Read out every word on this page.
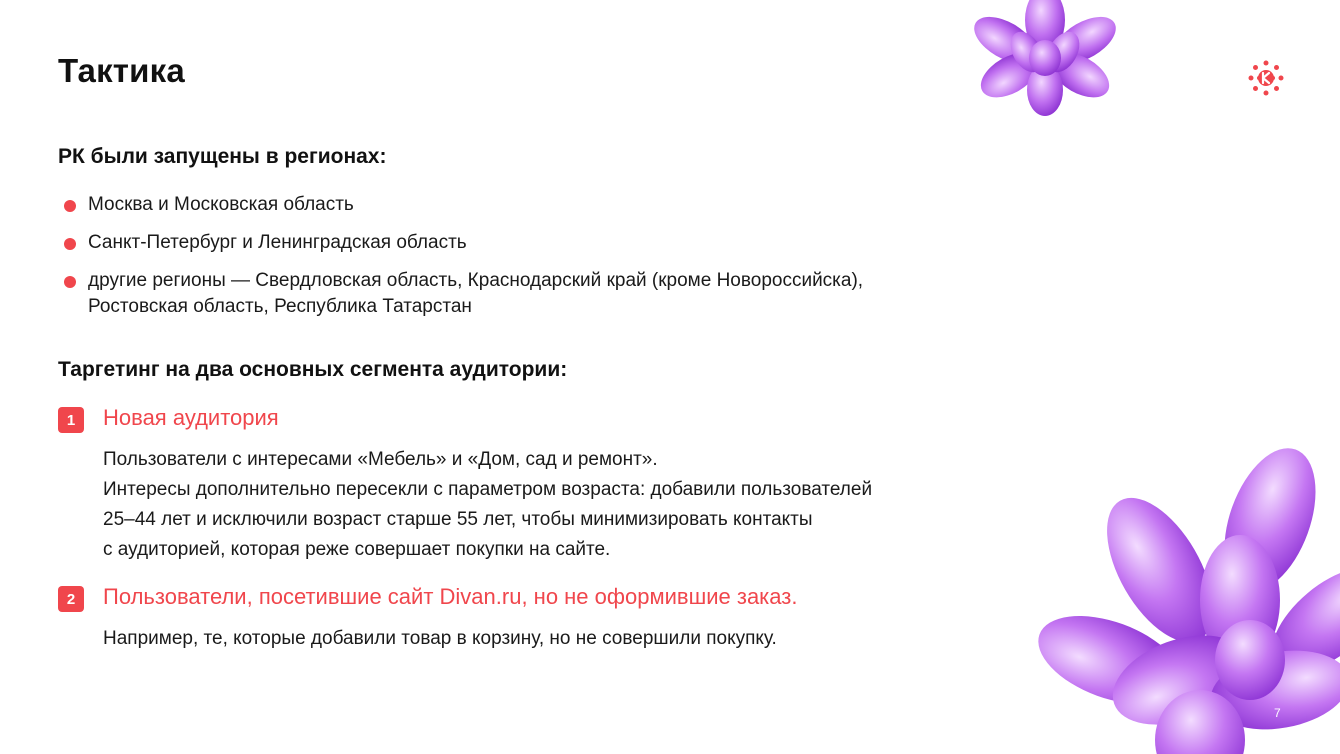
Тактика
РК были запущены в регионах:
Москва и Московская область
Санкт-Петербург и Ленинградская область
другие регионы — Свердловская область, Краснодарский край (кроме Новороссийска),
Ростовская область, Республика Татарстан
Таргетинг на два основных сегмента аудитории:
1	Новая аудитория
Пользователи с интересами «Мебель» и «Дом, сад и ремонт».
Интересы дополнительно пересекли с параметром возраста: добавили пользователей
25–44 лет и исключили возраст старше 55 лет, чтобы минимизировать контакты
с аудиторией, которая реже совершает покупки на сайте.
2	Пользователи, посетившие сайт Divan.ru, но не оформившие заказ.
Например, те, которые добавили товар в корзину, но не совершили покупку.
7
